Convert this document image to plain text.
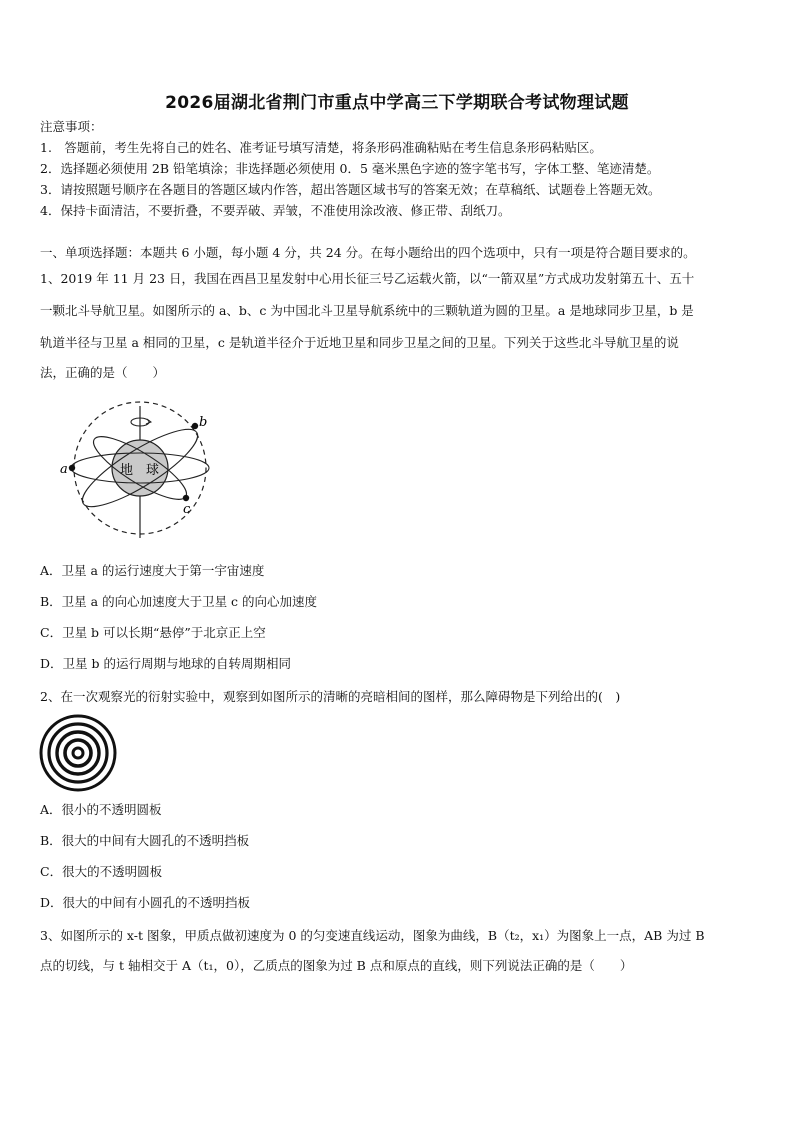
2026届湖北省荆门市重点中学高三下学期联合考试物理试题
注意事项：
1.　答题前，考生先将自己的姓名、准考证号填写清楚，将条形码准确粘贴在考生信息条形码粘贴区。
2．选择题必须使用 2B 铅笔填涂；非选择题必须使用 0．5 毫米黑色字迹的签字笔书写，字体工整、笔迹清楚。
3．请按照题号顺序在各题目的答题区域内作答，超出答题区域书写的答案无效；在草稿纸、试题卷上答题无效。
4．保持卡面清洁，不要折叠，不要弄破、弄皱，不准使用涂改液、修正带、刮纸刀。
一、单项选择题：本题共 6 小题，每小题 4 分，共 24 分。在每小题给出的四个选项中，只有一项是符合题目要求的。
1、2019 年 11 月 23 日，我国在西昌卫星发射中心用长征三号乙运载火箭，以“一箭双星”方式成功发射第五十、五十
一颗北斗导航卫星。如图所示的 a、b、c 为中国北斗卫星导航系统中的三颗轨道为圆的卫星。a 是地球同步卫星，b 是
轨道半径与卫星 a 相同的卫星，c 是轨道半径介于近地卫星和同步卫星之间的卫星。下列关于这些北斗导航卫星的说
法，正确的是（　　）
a
b
c
地 球
A．卫星 a 的运行速度大于第一宇宙速度
B．卫星 a 的向心加速度大于卫星 c 的向心加速度
C．卫星 b 可以长期“悬停”于北京正上空
D．卫星 b 的运行周期与地球的自转周期相同
2、在一次观察光的衍射实验中，观察到如图所示的清晰的亮暗相间的图样，那么障碍物是下列给出的(　)
A．很小的不透明圆板
B．很大的中间有大圆孔的不透明挡板
C．很大的不透明圆板
D．很大的中间有小圆孔的不透明挡板
3、如图所示的 x-t 图象，甲质点做初速度为 0 的匀变速直线运动，图象为曲线，B（t₂，x₁）为图象上一点，AB 为过 B
点的切线，与 t 轴相交于 A（t₁，0），乙质点的图象为过 B 点和原点的直线，则下列说法正确的是（　　）
